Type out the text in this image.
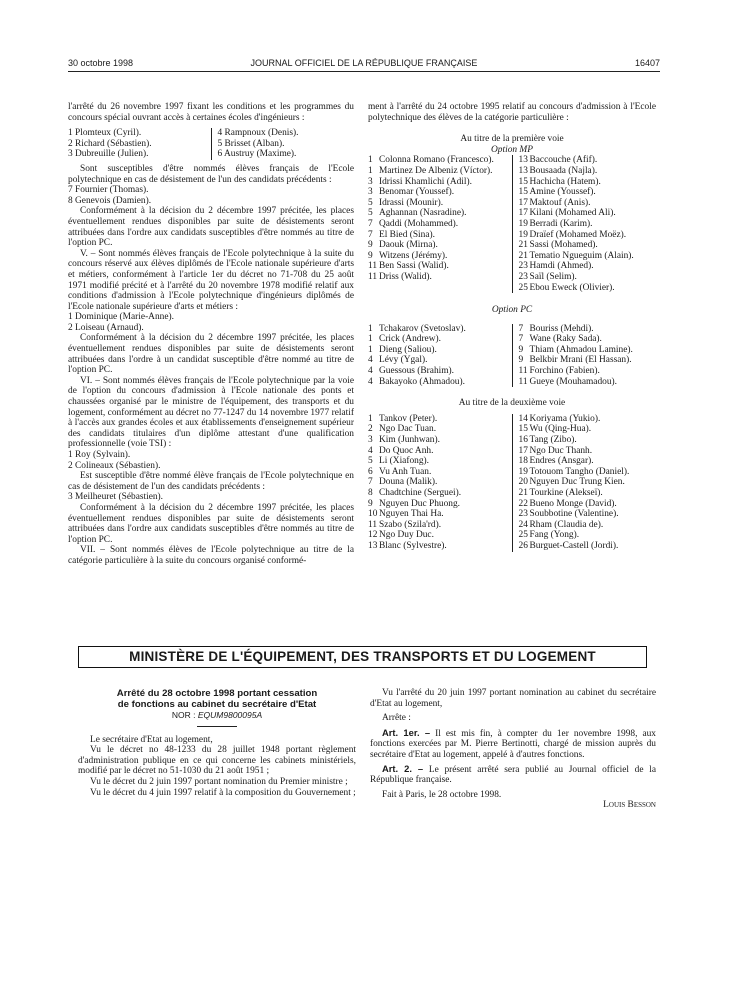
30 octobre 1998	JOURNAL OFFICIEL DE LA RÉPUBLIQUE FRANÇAISE	16407

l'arrêté du 26 novembre 1997 fixant les conditions et les programmes du concours spécial ouvrant accès à certaines écoles d'ingénieurs :

1 Plomteux (Cyril).

2 Richard (Sébastien).

3 Dubreuille (Julien).

4 Rampnoux (Denis).

5 Brisset (Alban).

6 Austruy (Maxime).

Sont susceptibles d'être nommés élèves français de l'Ecole polytechnique en cas de désistement de l'un des candidats précédents :

7 Fournier (Thomas).

8 Genevois (Damien).

Conformément à la décision du 2 décembre 1997 précitée, les places éventuellement rendues disponibles par suite de désistements seront attribuées dans l'ordre aux candidats susceptibles d'être nommés au titre de l'option PC.

V. – Sont nommés élèves français de l'Ecole polytechnique à la suite du concours réservé aux élèves diplômés de l'Ecole nationale supérieure d'arts et métiers, conformément à l'article 1er du décret no 71-708 du 25 août 1971 modifié précité et à l'arrêté du 20 novembre 1978 modifié relatif aux conditions d'admission à l'Ecole polytechnique d'ingénieurs diplômés de l'Ecole nationale supérieure d'arts et métiers :

1 Dominique (Marie-Anne).

2 Loiseau (Arnaud).

Conformément à la décision du 2 décembre 1997 précitée, les places éventuellement rendues disponibles par suite de désistements seront attribuées dans l'ordre à un candidat susceptible d'être nommé au titre de l'option PC.

VI. – Sont nommés élèves français de l'Ecole polytechnique par la voie de l'option du concours d'admission à l'Ecole nationale des ponts et chaussées organisé par le ministre de l'équipement, des transports et du logement, conformément au décret no 77-1247 du 14 novembre 1977 relatif à l'accès aux grandes écoles et aux établissements d'enseignement supérieur des candidats titulaires d'un diplôme attestant d'une qualification professionnelle (voie TSI) :

1 Roy (Sylvain).

2 Colineaux (Sébastien).

Est susceptible d'être nommé élève français de l'Ecole polytechnique en cas de désistement de l'un des candidats précédents :

3 Meilheuret (Sébastien).

Conformément à la décision du 2 décembre 1997 précitée, les places éventuellement rendues disponibles par suite de désistements seront attribuées dans l'ordre aux candidats susceptibles d'être nommés au titre de l'option PC.

VII. – Sont nommés élèves de l'Ecole polytechnique au titre de la catégorie particulière à la suite du concours organisé conformé-

ment à l'arrêté du 24 octobre 1995 relatif au concours d'admission à l'Ecole polytechnique des élèves de la catégorie particulière :

Au titre de la première voie

Option MP

1 Colonna Romano (Francesco).

1 Martinez De Albeniz (Víctor).

3 Idrissi Khamlichi (Adil).

3 Benomar (Youssef).

5 Idrassi (Mounir).

5 Aghannan (Nasradine).

7 Qaddi (Mohammed).

7 El Bied (Sina).

9 Daouk (Mirna).

9 Witzens (Jérémy).

11 Ben Sassi (Walid).

11 Driss (Walid).

13 Baccouche (Afif).

13 Bousaada (Najla).

15 Hachicha (Hatem).

15 Amine (Youssef).

17 Maktouf (Anis).

17 Kilani (Mohamed Ali).

19 Berradi (Karim).

19 Draïef (Mohamed Moëz).

21 Sassi (Mohamed).

21 Tematio Ngueguim (Alain).

23 Hamdi (Ahmed).

23 Saïl (Selim).

25 Ebou Eweck (Olivier).

Option PC

1 Tchakarov (Svetoslav).

1 Crick (Andrew).

1 Dieng (Saliou).

4 Lévy (Ygal).

4 Guessous (Brahim).

4 Bakayoko (Ahmadou).

7 Bouriss (Mehdi).

7 Wane (Raky Sada).

9 Thiam (Ahmadou Lamine).

9 Belkbir Mrani (El Hassan).

11 Forchino (Fabien).

11 Gueye (Mouhamadou).

Au titre de la deuxième voie

1 Tankov (Peter).

2 Ngo Dac Tuan.

3 Kim (Junhwan).

4 Do Quoc Anh.

5 Li (Xiafong).

6 Vu Anh Tuan.

7 Douna (Malik).

8 Chadtchine (Serguei).

9 Nguyen Duc Phuong.

10 Nguyen Thai Ha.

11 Szabo (Szila'rd).

12 Ngo Duy Duc.

13 Blanc (Sylvestre).

14 Koriyama (Yukio).

15 Wu (Qing-Hua).

16 Tang (Zibo).

17 Ngo Duc Thanh.

18 Endres (Ansgar).

19 Totouom Tangho (Daniel).

20 Nguyen Duc Trung Kien.

21 Tourkine (Alekseï).

22 Bueno Monge (David).

23 Soubbotine (Valentine).

24 Rham (Claudia de).

25 Fang (Yong).

26 Burguet-Castell (Jordi).

MINISTÈRE DE L'ÉQUIPEMENT, DES TRANSPORTS ET DU LOGEMENT

Arrêté du 28 octobre 1998 portant cessation

de fonctions au cabinet du secrétaire d'Etat

NOR : EQUM9800095A

Le secrétaire d'Etat au logement,

Vu le décret no 48-1233 du 28 juillet 1948 portant règlement d'administration publique en ce qui concerne les cabinets ministériels, modifié par le décret no 51-1030 du 21 août 1951 ;

Vu le décret du 2 juin 1997 portant nomination du Premier ministre ;

Vu le décret du 4 juin 1997 relatif à la composition du Gouvernement ;

Vu l'arrêté du 20 juin 1997 portant nomination au cabinet du secrétaire d'Etat au logement,

Arrête :

Art. 1er. – Il est mis fin, à compter du 1er novembre 1998, aux fonctions exercées par M. Pierre Bertinotti, chargé de mission auprès du secrétaire d'Etat au logement, appelé à d'autres fonctions.

Art. 2. – Le présent arrêté sera publié au Journal officiel de la République française.

Fait à Paris, le 28 octobre 1998.

Louis Besson
